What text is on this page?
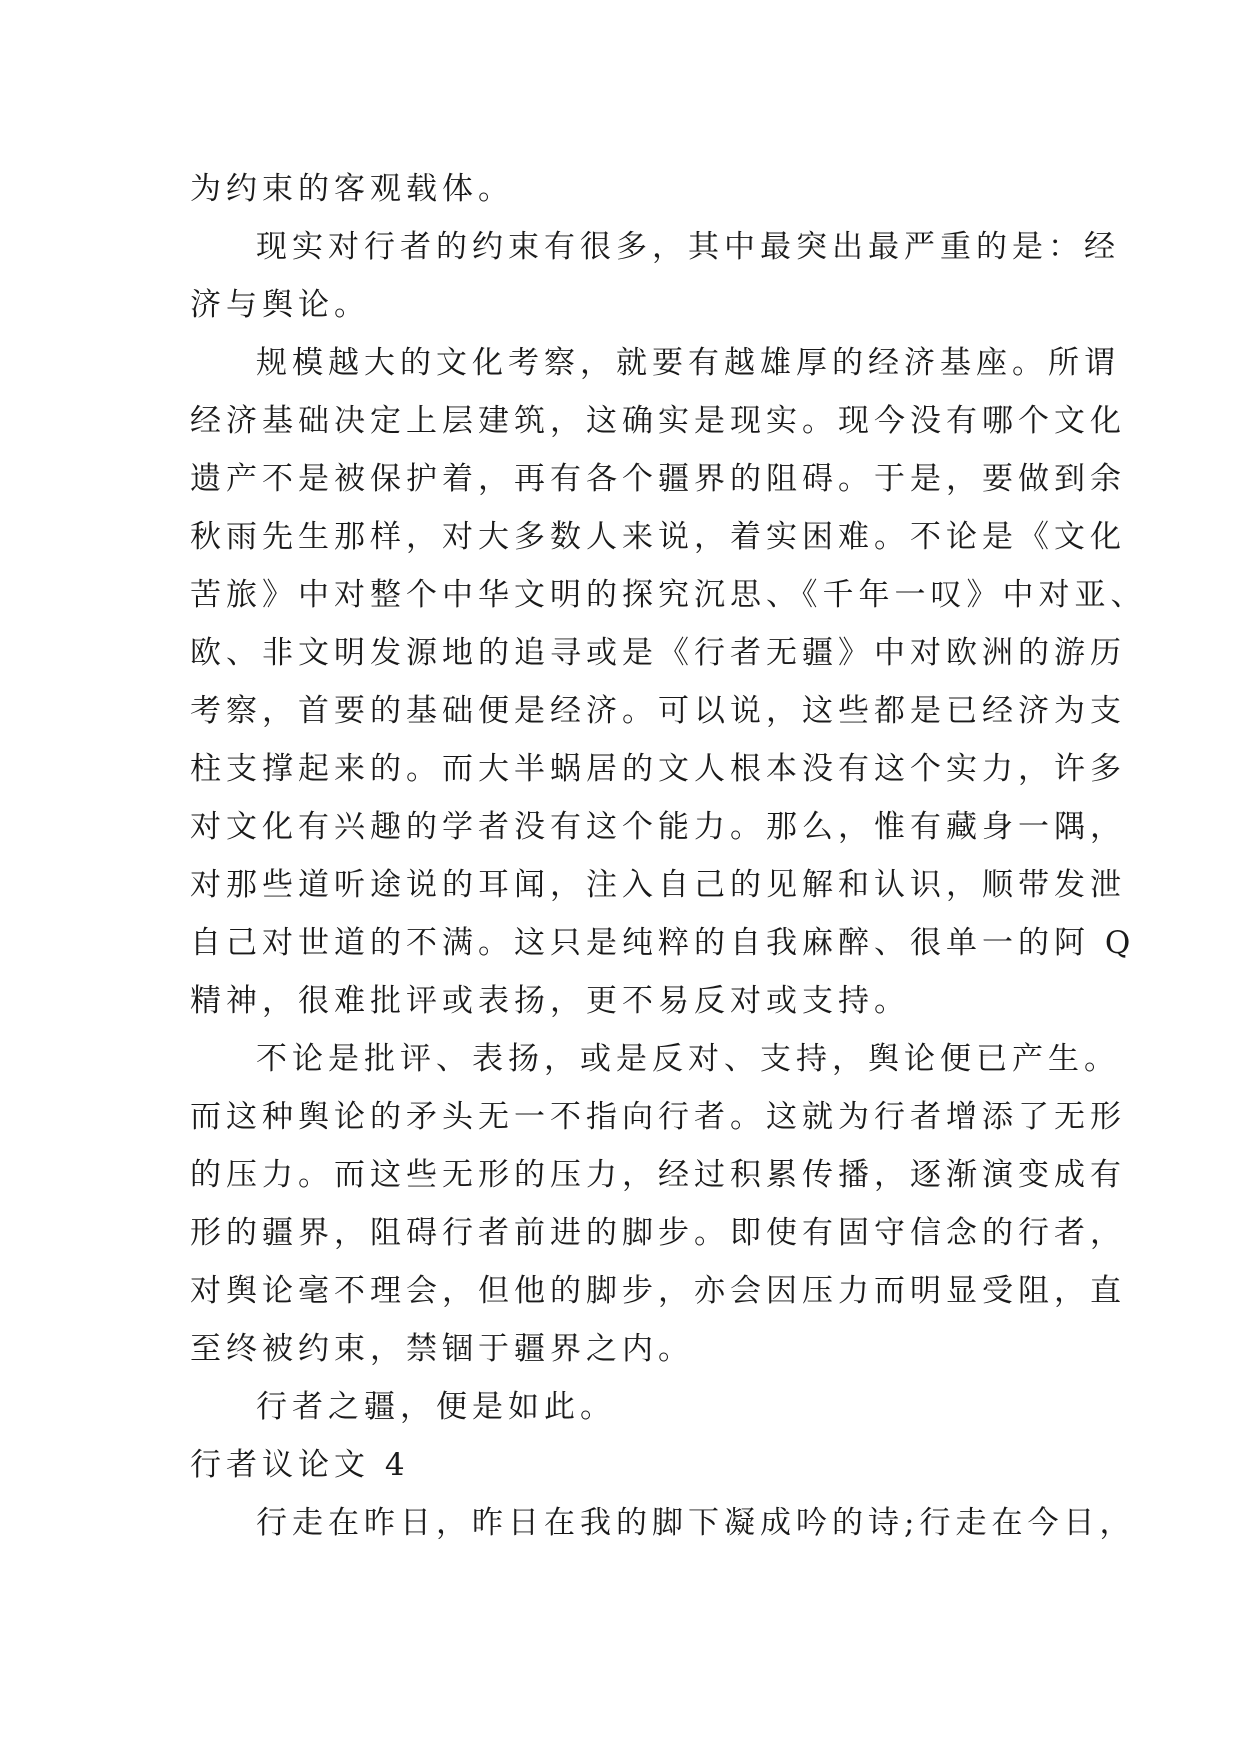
为约束的客观载体。
现实对行者的约束有很多，其中最突出最严重的是：经
济与舆论。
规模越大的文化考察，就要有越雄厚的经济基座。所谓
经济基础决定上层建筑，这确实是现实。现今没有哪个文化
遗产不是被保护着，再有各个疆界的阻碍。于是，要做到余
秋雨先生那样，对大多数人来说，着实困难。不论是《文化
苦旅》中对整个中华文明的探究沉思、《千年一叹》中对亚、
欧、非文明发源地的追寻或是《行者无疆》中对欧洲的游历
考察，首要的基础便是经济。可以说，这些都是已经济为支
柱支撑起来的。而大半蜗居的文人根本没有这个实力，许多
对文化有兴趣的学者没有这个能力。那么，惟有藏身一隅，
对那些道听途说的耳闻，注入自己的见解和认识，顺带发泄
自己对世道的不满。这只是纯粹的自我麻醉、很单一的阿 Q
精神，很难批评或表扬，更不易反对或支持。
不论是批评、表扬，或是反对、支持，舆论便已产生。
而这种舆论的矛头无一不指向行者。这就为行者增添了无形
的压力。而这些无形的压力，经过积累传播，逐渐演变成有
形的疆界，阻碍行者前进的脚步。即使有固守信念的行者，
对舆论毫不理会，但他的脚步，亦会因压力而明显受阻，直
至终被约束，禁锢于疆界之内。
行者之疆，便是如此。
行者议论文 4
行走在昨日，昨日在我的脚下凝成吟的诗;行走在今日，
